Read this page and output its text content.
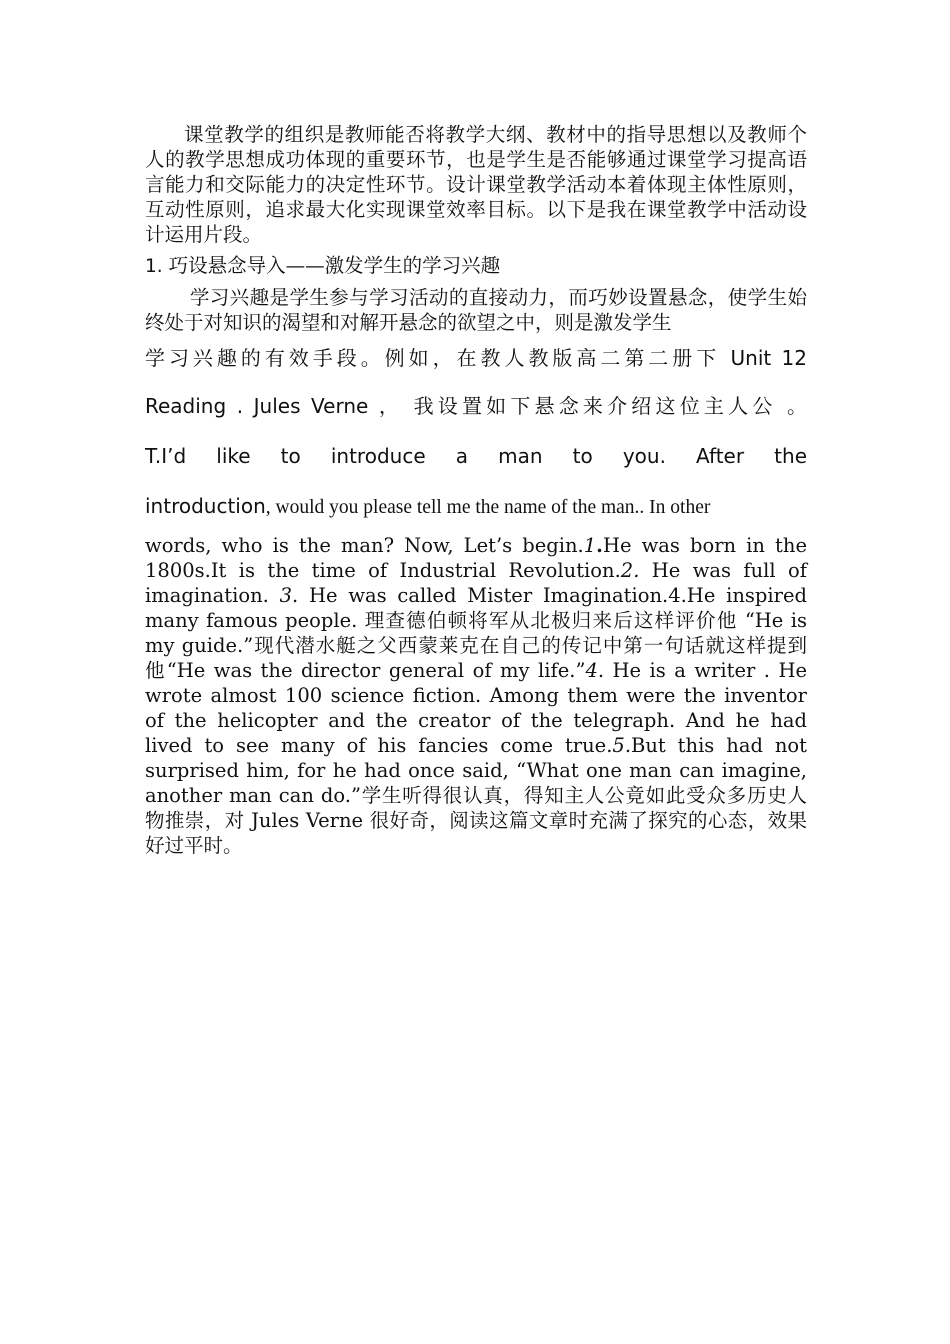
课堂教学的组织是教师能否将教学大纲、教材中的指导思想以及教师个人的教学思想成功体现的重要环节，也是学生是否能够通过课堂学习提高语言能力和交际能力的决定性环节。设计课堂教学活动本着体现主体性原则，互动性原则，追求最大化实现课堂效率目标。以下是我在课堂教学中活动设计运用片段。

1. 巧设悬念导入——激发学生的学习兴趣

学习兴趣是学生参与学习活动的直接动力，而巧妙设置悬念，使学生始终处于对知识的渴望和对解开悬念的欲望之中，则是激发学生

学习兴趣的有效手段。例如，在教人教版高二第二册下 Unit 12

Reading . Jules Verne ， 我设置如下悬念来介绍这位主人公 。

T.I’d like to introduce a man to you. After the

introduction, would you please tell me the name of the man.. In other

words, who is the man? Now, Let’s begin.1.He was born in the 1800s.It is the time of Industrial Revolution.2. He was full of imagination. 3. He was called Mister Imagination.4.He inspired many famous people. 理查德伯顿将军从北极归来后这样评价他 “He is my guide.”现代潜水艇之父西蒙莱克在自己的传记中第一句话就这样提到他“He was the director general of my life.”4. He is a writer . He wrote almost 100 science fiction. Among them were the inventor of the helicopter and the creator of the telegraph. And he had lived to see many of his fancies come true.5.But this had not surprised him, for he had once said, “What one man can imagine, another man can do.”学生听得很认真，得知主人公竟如此受众多历史人物推崇，对 Jules Verne 很好奇，阅读这篇文章时充满了探究的心态，效果好过平时。
